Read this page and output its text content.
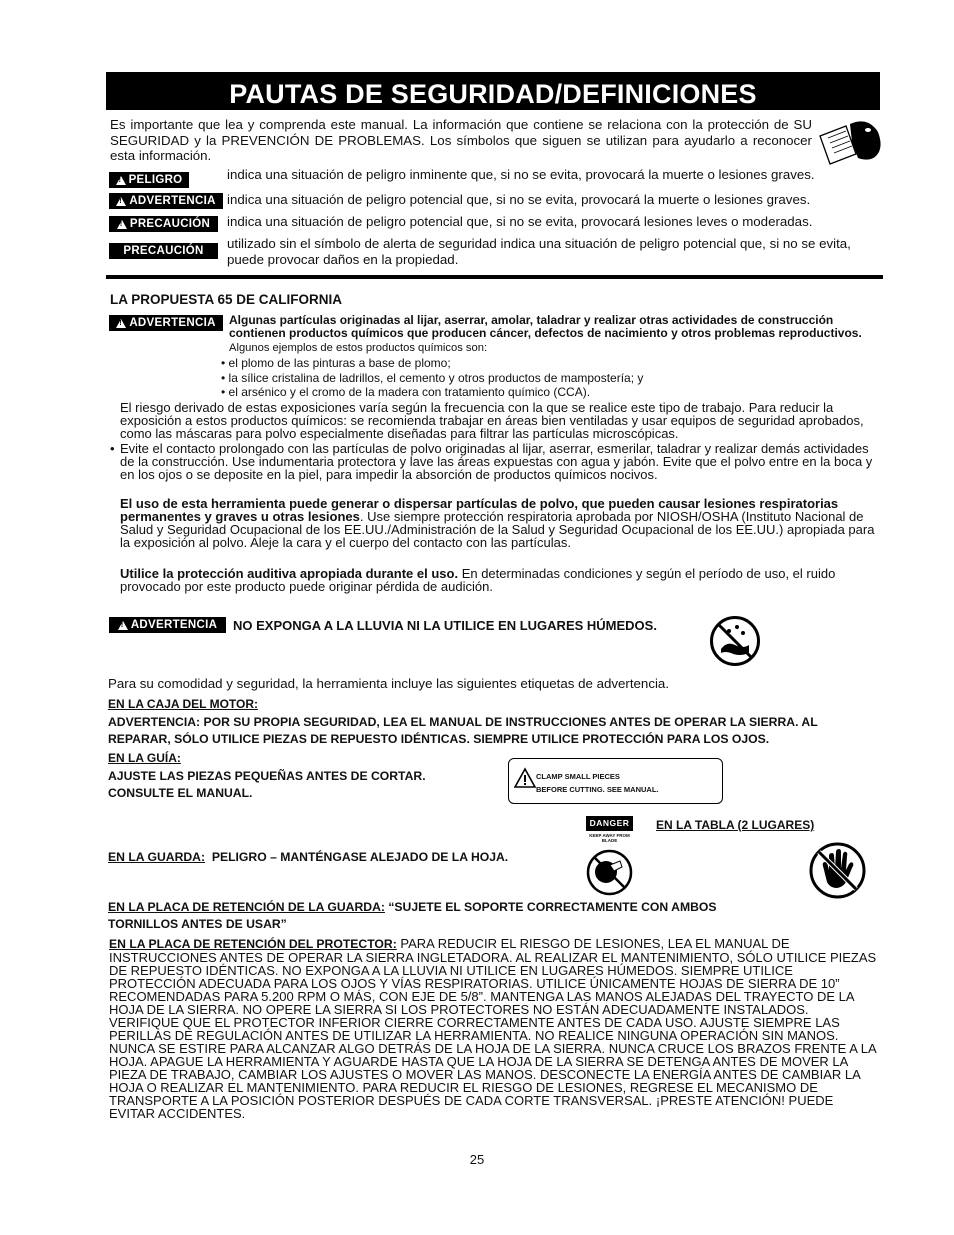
PAUTAS DE SEGURIDAD/DEFINICIONES
Es importante que lea y comprenda este manual. La información que contiene se relaciona con la protección de SU SEGURIDAD y la PREVENCIÓN DE PROBLEMAS. Los símbolos que siguen se utilizan para ayudarlo a reconocer esta información.
!
PELIGRO	indica una situación de peligro inminente que, si no se evita, provocará la muerte o lesiones graves.
!
ADVERTENCIA indica una situación de peligro potencial que, si no se evita, provocará la muerte o lesiones graves.
!
PRECAUCIÓN indica una situación de peligro potencial que, si no se evita, provocará lesiones leves o moderadas.
PRECAUCIÓN utilizado sin el símbolo de alerta de seguridad indica una situación de peligro potencial que, si no se evita, puede provocar daños en la propiedad.
LA PROPUESTA 65 DE CALIFORNIA
!
ADVERTENCIA Algunas partículas originadas al lijar, aserrar, amolar, taladrar y realizar otras actividades de construcción contienen productos químicos que producen cáncer, defectos de nacimiento y otros problemas reproductivos. Algunos ejemplos de estos productos químicos son:
• el plomo de las pinturas a base de plomo;
• la sílice cristalina de ladrillos, el cemento y otros productos de mampostería; y
• el arsénico y el cromo de la madera con tratamiento químico (CCA).
El riesgo derivado de estas exposiciones varía según la frecuencia con la que se realice este tipo de trabajo. Para reducir la exposición a estos productos químicos: se recomienda trabajar en áreas bien ventiladas y usar equipos de seguridad aprobados, como las máscaras para polvo especialmente diseñadas para filtrar las partículas microscópicas.
• Evite el contacto prolongado con las partículas de polvo originadas al lijar, aserrar, esmerilar, taladrar y realizar demás actividades de la construcción. Use indumentaria protectora y lave las áreas expuestas con agua y jabón. Evite que el polvo entre en la boca y en los ojos o se deposite en la piel, para impedir la absorción de productos químicos nocivos.
El uso de esta herramienta puede generar o dispersar partículas de polvo, que pueden causar lesiones respiratorias permanentes y graves u otras lesiones. Use siempre protección respiratoria aprobada por NIOSH/OSHA (Instituto Nacional de Salud y Seguridad Ocupacional de los EE.UU./Administración de la Salud y Seguridad Ocupacional de los EE.UU.) apropiada para la exposición al polvo. Aleje la cara y el cuerpo del contacto con las partículas.
Utilice la protección auditiva apropiada durante el uso. En determinadas condiciones y según el período de uso, el ruido provocado por este producto puede originar pérdida de audición.
!
ADVERTENCIA NO EXPONGA A LA LLUVIA NI LA UTILICE EN LUGARES HÚMEDOS.
Para su comodidad y seguridad, la herramienta incluye las siguientes etiquetas de advertencia.
EN LA CAJA DEL MOTOR:
ADVERTENCIA: POR SU PROPIA SEGURIDAD, LEA EL MANUAL DE INSTRUCCIONES ANTES DE OPERAR LA SIERRA. AL REPARAR, SÓLO UTILICE PIEZAS DE REPUESTO IDÉNTICAS. SIEMPRE UTILICE PROTECCIÓN PARA LOS OJOS.
EN LA GUÍA:
AJUSTE LAS PIEZAS PEQUEÑAS ANTES DE CORTAR.
CONSULTE EL MANUAL.
CLAMP SMALL PIECES
BEFORE CUTTING. SEE MANUAL.
DANGER
KEEP AWAY FROM BLADE
EN LA TABLA (2 LUGARES)
EN LA GUARDA: PELIGRO – MANTÉNGASE ALEJADO DE LA HOJA.
EN LA PLACA DE RETENCIÓN DE LA GUARDA: “SUJETE EL SOPORTE CORRECTAMENTE CON AMBOS TORNILLOS ANTES DE USAR”
EN LA PLACA DE RETENCIÓN DEL PROTECTOR: PARA REDUCIR EL RIESGO DE LESIONES, LEA EL MANUAL DE INSTRUCCIONES ANTES DE OPERAR LA SIERRA INGLETADORA. AL REALIZAR EL MANTENIMIENTO, SÓLO UTILICE PIEZAS DE REPUESTO IDÉNTICAS. NO EXPONGA A LA LLUVIA NI UTILICE EN LUGARES HÚMEDOS. SIEMPRE UTILICE PROTECCIÓN ADECUADA PARA LOS OJOS Y VÍAS RESPIRATORIAS. UTILICE ÚNICAMENTE HOJAS DE SIERRA DE 10” RECOMENDADAS PARA 5.200 RPM O MÁS, CON EJE DE 5/8”. MANTENGA LAS MANOS ALEJADAS DEL TRAYECTO DE LA HOJA DE LA SIERRA. NO OPERE LA SIERRA SI LOS PROTECTORES NO ESTÁN ADECUADAMENTE INSTALADOS. VERIFIQUE QUE EL PROTECTOR INFERIOR CIERRE CORRECTAMENTE ANTES DE CADA USO. AJUSTE SIEMPRE LAS PERILLAS DE REGULACIÓN ANTES DE UTILIZAR LA HERRAMIENTA. NO REALICE NINGUNA OPERACIÓN SIN MANOS. NUNCA SE ESTIRE PARA ALCANZAR ALGO DETRÁS DE LA HOJA DE LA SIERRA. NUNCA CRUCE LOS BRAZOS FRENTE A LA HOJA. APAGUE LA HERRAMIENTA Y AGUARDE HASTA QUE LA HOJA DE LA SIERRA SE DETENGA ANTES DE MOVER LA PIEZA DE TRABAJO, CAMBIAR LOS AJUSTES O MOVER LAS MANOS. DESCONECTE LA ENERGÍA ANTES DE CAMBIAR LA HOJA O REALIZAR EL MANTENIMIENTO. PARA REDUCIR EL RIESGO DE LESIONES, REGRESE EL MECANISMO DE TRANSPORTE A LA POSICIÓN POSTERIOR DESPUÉS DE CADA CORTE TRANSVERSAL. ¡PRESTE ATENCIÓN! PUEDE EVITAR ACCIDENTES.
25
